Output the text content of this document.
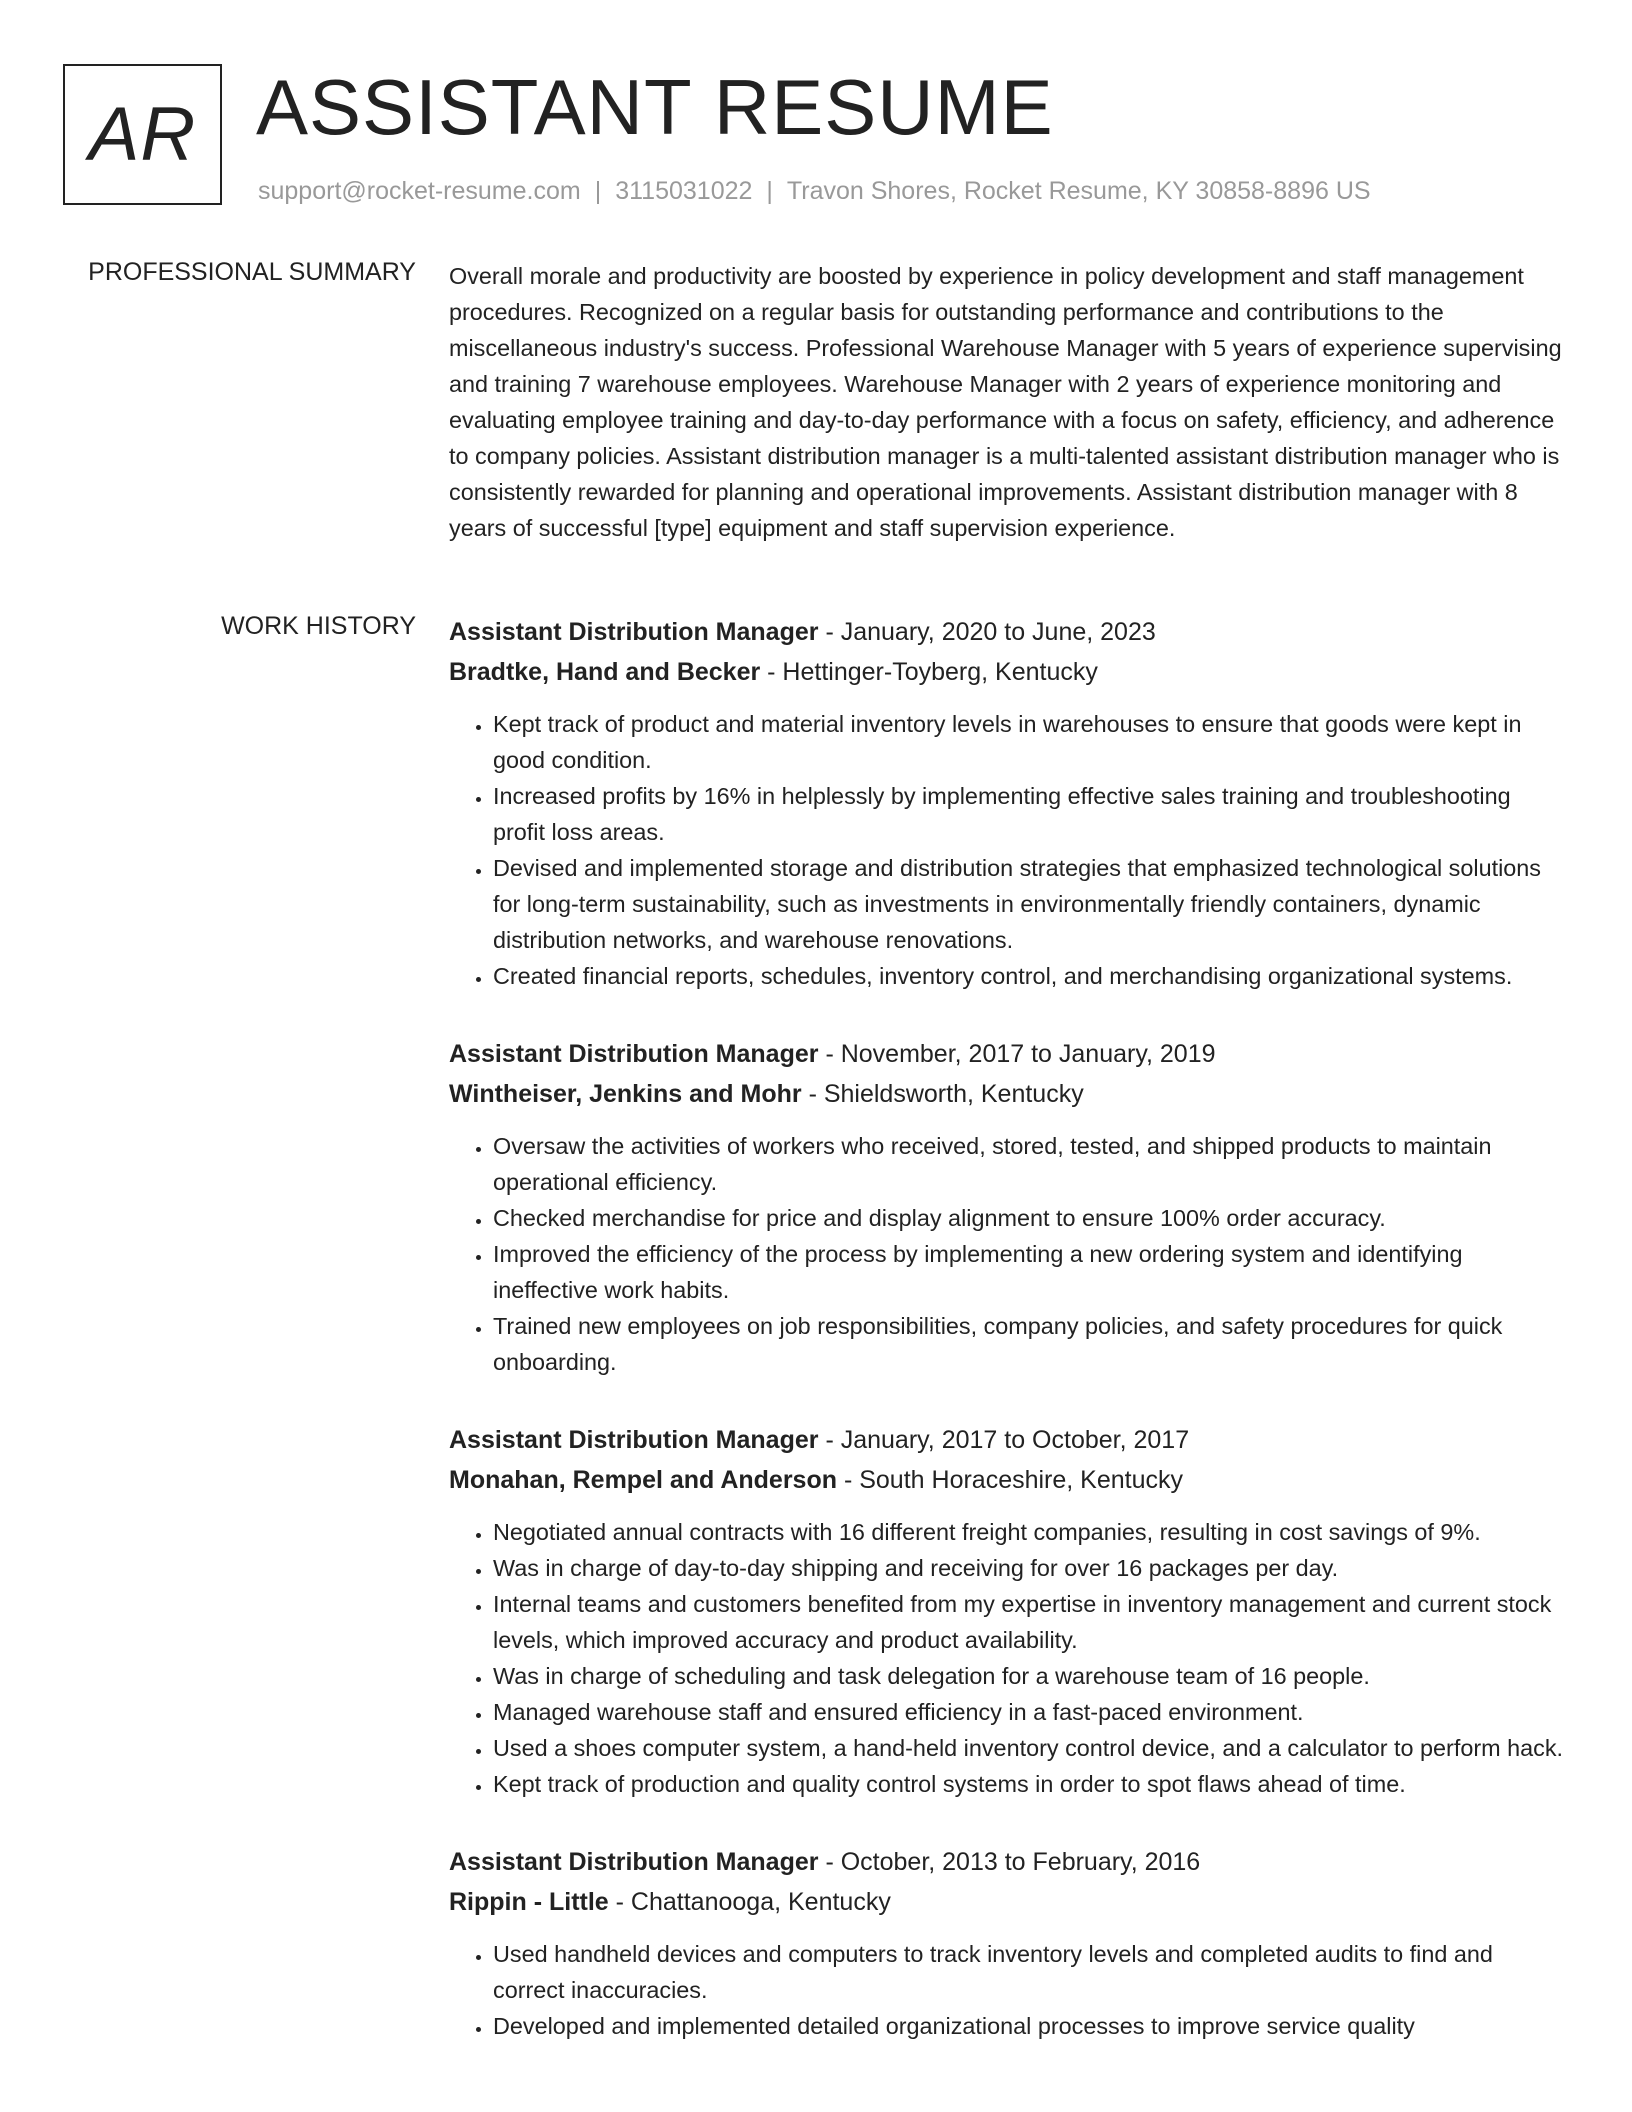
AR ASSISTANT RESUME
support@rocket-resume.com | 3115031022 | Travon Shores, Rocket Resume, KY 30858-8896 US
PROFESSIONAL SUMMARY Overall morale and productivity are boosted by experience in policy development and staff management procedures. Recognized on a regular basis for outstanding performance and contributions to the miscellaneous industry's success. Professional Warehouse Manager with 5 years of experience supervising and training 7 warehouse employees. Warehouse Manager with 2 years of experience monitoring and evaluating employee training and day-to-day performance with a focus on safety, efficiency, and adherence to company policies. Assistant distribution manager is a multi-talented assistant distribution manager who is consistently rewarded for planning and operational improvements. Assistant distribution manager with 8 years of successful [type] equipment and staff supervision experience.

WORK HISTORY Assistant Distribution Manager - January, 2020 to June, 2023
Bradtke, Hand and Becker - Hettinger-Toyberg, Kentucky
• Kept track of product and material inventory levels in warehouses to ensure that goods were kept in good condition.
• Increased profits by 16% in helplessly by implementing effective sales training and troubleshooting profit loss areas.
• Devised and implemented storage and distribution strategies that emphasized technological solutions for long-term sustainability, such as investments in environmentally friendly containers, dynamic distribution networks, and warehouse renovations.
• Created financial reports, schedules, inventory control, and merchandising organizational systems.
Assistant Distribution Manager - November, 2017 to January, 2019
Wintheiser, Jenkins and Mohr - Shieldsworth, Kentucky
• Oversaw the activities of workers who received, stored, tested, and shipped products to maintain operational efficiency.
• Checked merchandise for price and display alignment to ensure 100% order accuracy.
• Improved the efficiency of the process by implementing a new ordering system and identifying ineffective work habits.
• Trained new employees on job responsibilities, company policies, and safety procedures for quick onboarding.
Assistant Distribution Manager - January, 2017 to October, 2017
Monahan, Rempel and Anderson - South Horaceshire, Kentucky
• Negotiated annual contracts with 16 different freight companies, resulting in cost savings of 9%.
• Was in charge of day-to-day shipping and receiving for over 16 packages per day.
• Internal teams and customers benefited from my expertise in inventory management and current stock levels, which improved accuracy and product availability.
• Was in charge of scheduling and task delegation for a warehouse team of 16 people.
• Managed warehouse staff and ensured efficiency in a fast-paced environment.
• Used a shoes computer system, a hand-held inventory control device, and a calculator to perform hack.
• Kept track of production and quality control systems in order to spot flaws ahead of time.
Assistant Distribution Manager - October, 2013 to February, 2016
Rippin - Little - Chattanooga, Kentucky
• Used handheld devices and computers to track inventory levels and completed audits to find and correct inaccuracies.
• Developed and implemented detailed organizational processes to improve service quality
